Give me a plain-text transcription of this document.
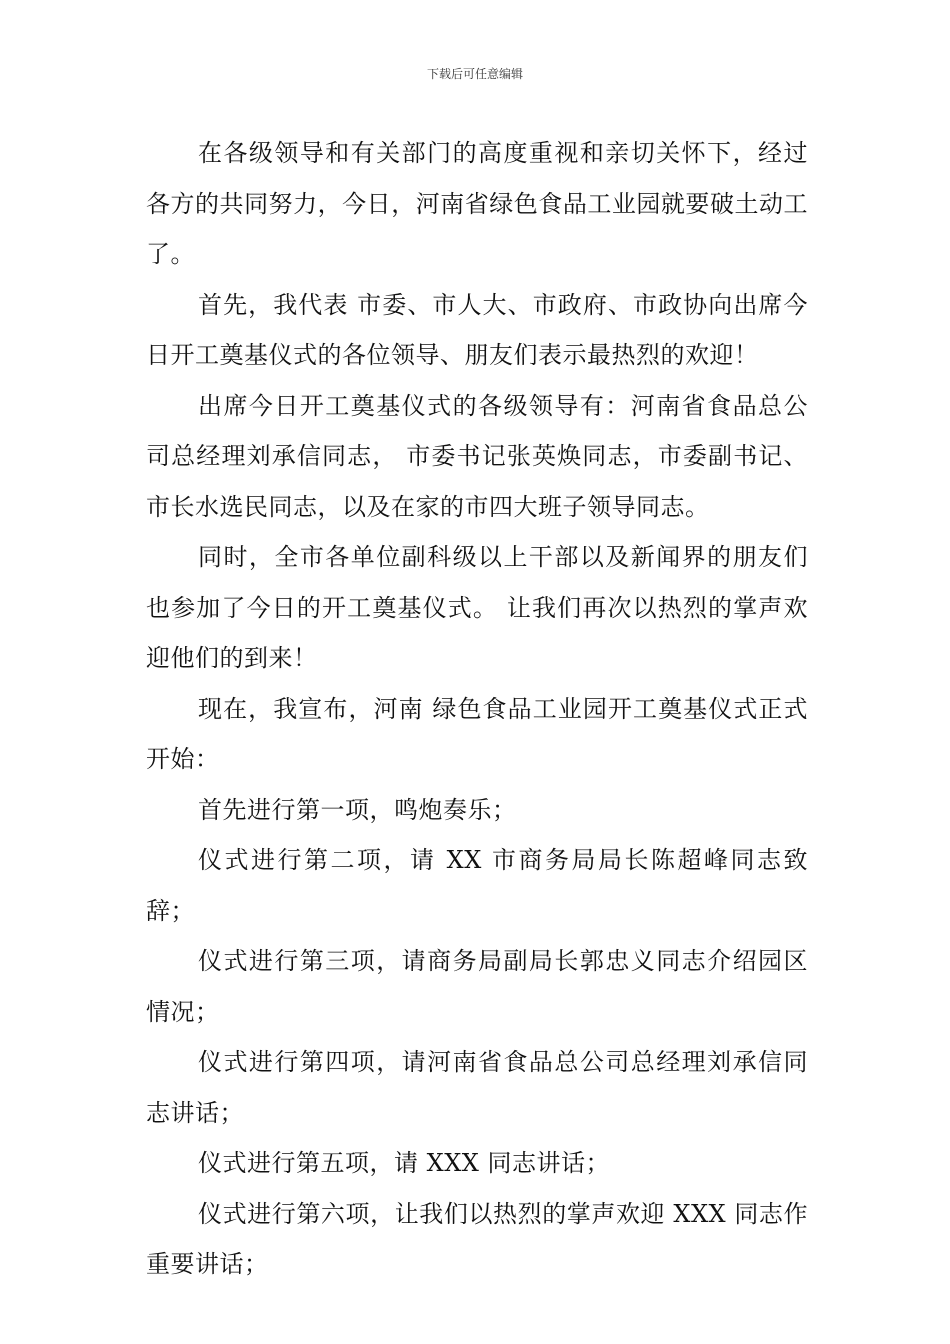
下载后可任意编辑

在各级领导和有关部门的高度重视和亲切关怀下，经过各方的共同努力，今日，河南省绿色食品工业园就要破土动工了。

首先，我代表 市委、市人大、市政府、市政协向出席今日开工奠基仪式的各位领导、朋友们表示最热烈的欢迎！

出席今日开工奠基仪式的各级领导有：河南省食品总公司总经理刘承信同志， 市委书记张英焕同志，市委副书记、市长水选民同志，以及在家的市四大班子领导同志。

同时，全市各单位副科级以上干部以及新闻界的朋友们也参加了今日的开工奠基仪式。 让我们再次以热烈的掌声欢迎他们的到来！

现在，我宣布，河南 绿色食品工业园开工奠基仪式正式开始：

首先进行第一项，鸣炮奏乐；

仪式进行第二项，请 XX 市商务局局长陈超峰同志致辞；

仪式进行第三项，请商务局副局长郭忠义同志介绍园区情况；

仪式进行第四项，请河南省食品总公司总经理刘承信同志讲话；

仪式进行第五项，请 XXX 同志讲话；

仪式进行第六项，让我们以热烈的掌声欢迎 XXX 同志作重要讲话；
